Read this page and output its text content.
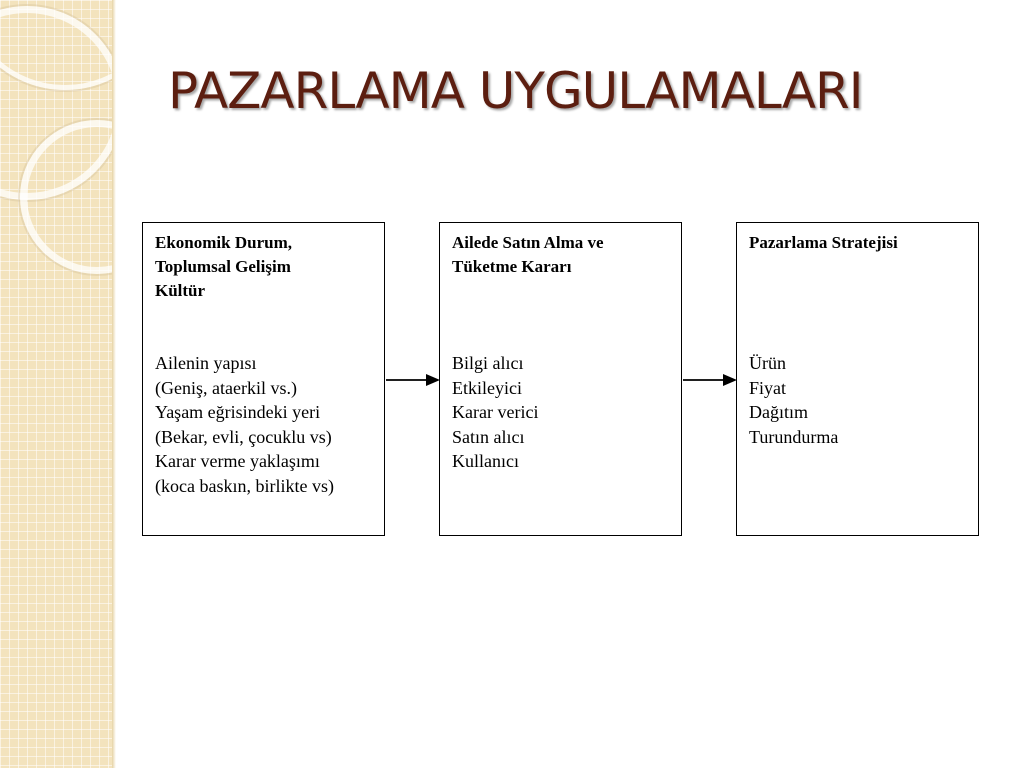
PAZARLAMA UYGULAMALARI
Ekonomik Durum,
Toplumsal Gelişim
Kültür
Ailenin yapısı
(Geniş, ataerkil vs.)
Yaşam eğrisindeki yeri
(Bekar, evli, çocuklu vs)
Karar verme yaklaşımı
(koca baskın, birlikte vs)
Ailede Satın Alma ve
Tüketme Kararı
Bilgi alıcı
Etkileyici
Karar verici
Satın alıcı
Kullanıcı
Pazarlama Stratejisi
Ürün
Fiyat
Dağıtım
Turundurma
